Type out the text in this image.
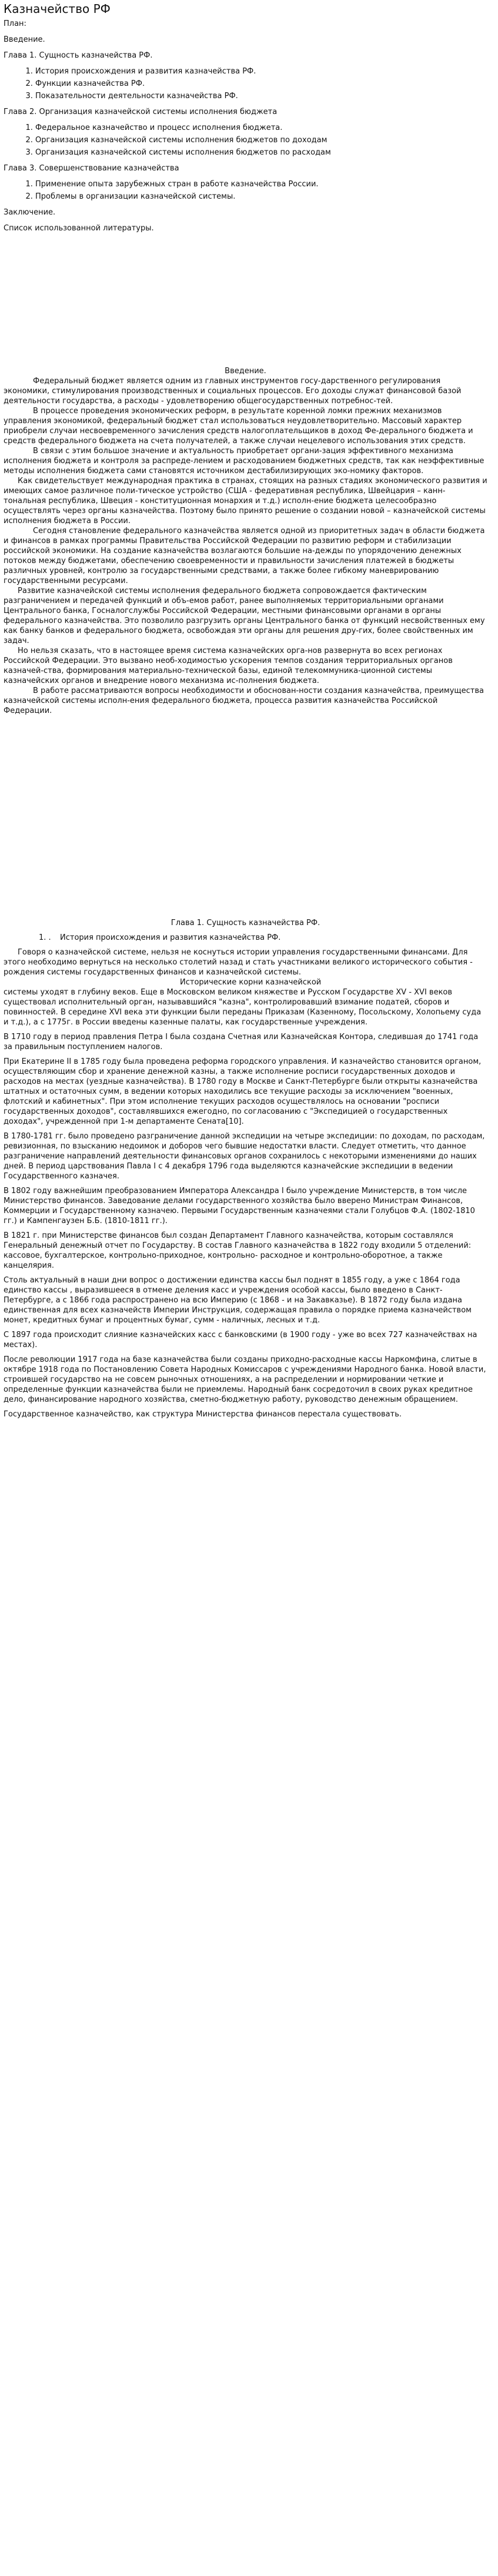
Казначейство РФ

План:

Введение.

Глава 1. Сущность казначейства РФ.

1. История происхождения и развития казначейства РФ.
2. Функции казначейства РФ.
3. Показательности деятельности казначейства РФ.

Глава 2. Организация казначейской системы исполнения бюджета

1. Федеральное казначейство и процесс исполнения бюджета.
2. Организация казначейской системы исполнения бюджетов по доходам
3. Организация казначейской системы исполнения бюджетов по расходам

Глава 3. Совершенствование казначейства

1. Применение опыта зарубежных стран в работе казначейства России.
2. Проблемы в организации казначейской системы.

Заключение.

Список использованной литературы.

Введение.

Федеральный бюджет является одним из главных инструментов госу-дарственного регулирования экономики, стимулирования производственных и социальных процессов. Его доходы служат финансовой базой деятельности государства, а расходы - удовлетворению общегосударственных потребнос-тей.

В процессе проведения экономических реформ, в результате коренной ломки прежних механизмов управления экономикой, федеральный бюджет стал использоваться неудовлетворительно. Массовый характер приобрели случаи несвоевременного зачисления средств налогоплательщиков в доход Фе-дерального бюджета и средств федерального бюджета на счета получателей, а также случаи нецелевого использования этих средств.

В связи с этим большое значение и актуальность приобретает органи-зация эффективного механизма исполнения бюджета и контроля за распреде-лением и расходованием бюджетных средств, так как неэффективные методы исполнения бюджета сами становятся источником дестабилизирующих эко-номику факторов.

Как свидетельствует международная практика в странах, стоящих на разных стадиях экономического развития и имеющих самое различное поли-тическое устройство (США - федеративная республика, Швейцария – канн-тональная республика, Швеция - конституционная монархия и т.д.) исполн-ение бюджета целесообразно осуществлять через органы казначейства. Поэтому было принято решение о создании новой – казначейской системы исполнения бюджета в России.

Сегодня становление федерального казначейства является одной из приоритетных задач в области бюджета и финансов в рамках программы Правительства Российской Федерации по развитию реформ и стабилизации российской экономики. На создание казначейства возлагаются большие на-дежды по упорядочению денежных потоков между бюджетами, обеспечению своевременности и правильности зачисления платежей в бюджеты различных уровней, контролю за государственными средствами, а также более гибкому маневрированию государственными ресурсами.

Развитие казначейской системы исполнения федерального бюджета сопровождается фактическим разграничением и передачей функций и объ-емов работ, ранее выполняемых территориальными органами Центрального банка, Госналогслужбы Российской Федерации, местными финансовыми органами в органы федерального казначейства. Это позволило разгрузить органы Центрального банка от функций несвойственных ему как банку банков и федерального бюджета, освобождая эти органы для решения дру-гих, более свойственных им задач.

Но нельзя сказать, что в настоящее время система казначейских орга-нов развернута во всех регионах Российской Федерации. Это вызвано необ-ходимостью ускорения темпов создания территориальных органов казначей-ства, формирования материально-технической базы, единой телекоммуника-ционной системы казначейских органов и внедрение нового механизма ис-полнения бюджета.

В работе рассматриваются вопросы необходимости и обоснован-ности создания казначейства, преимущества казначейской системы исполн-ения федерального бюджета, процесса развития казначейства Российской Федерации.

Глава 1. Сущность казначейства РФ.

1. . История происхождения и развития казначейства РФ.

Говоря о казначейской системе, нельзя не коснуться истории управления государственными финансами. Для этого необходимо вернуться на несколько столетий назад и стать участниками великого исторического события - рождения системы государственных финансов и казначейской системы.

Исторические корни казначейской

системы уходят в глубину веков. Еще в Московском великом княжестве и Русском Государстве XV - XVI веков существовал исполнительный орган, называвшийся "казна", контролировавший взимание податей, сборов и повинностей. В середине XVI века эти функции были переданы Приказам (Казенному, Посольскому, Холопьему суда и т.д.), а с 1775г. в России введены казенные палаты, как государственные учреждения.

В 1710 году в период правления Петра I была создана Счетная или Казначейская Контора, следившая до 1741 года за правильным поступлением налогов.

При Екатерине II в 1785 году была проведена реформа городского управления. И казначейство становится органом, осуществляющим сбор и хранение денежной казны, а также исполнение росписи государственных доходов и расходов на местах (уездные казначейства). В 1780 году в Москве и Санкт-Петербурге были открыты казначейства штатных и остаточных сумм, в ведении которых находились все текущие расходы за исключением "военных, флотский и кабинетных". При этом исполнение текущих расходов осуществлялось на основании "росписи государственных доходов", составлявшихся ежегодно, по согласованию с "Экспедицией о государственных доходах", учрежденной при 1-м департаменте Сената[10].

В 1780-1781 гг. было проведено разграничение данной экспедиции на четыре экспедиции: по доходам, по расходам, ревизионная, по взысканию недоимок и доборов чего бывшие недостатки власти. Следует отметить, что данное разграничение направлений деятельности финансовых органов сохранилось с некоторыми изменениями до наших дней. В период царствования Павла I с 4 декабря 1796 года выделяются казначейские экспедиции в ведении Государственного казначея.

В 1802 году важнейшим преобразованием Императора Александра I было учреждение Министерств, в том числе Министерство финансов. Заведование делами государственного хозяйства было вверено Министрам Финансов, Коммерции и Государственному казначею. Первыми Государственным казначеями стали Голубцов Ф.А. (1802-1810 гг.) и Кампенгаузен Б.Б. (1810-1811 гг.).

В 1821 г. при Министерстве финансов был создан Департамент Главного казначейства, которым составлялся Генеральный денежный отчет по Государству. В состав Главного казначейства в 1822 году входили 5 отделений: кассовое, бухгалтерское, контрольно-приходное, контрольно- расходное и контрольно-оборотное, а также канцелярия.

Столь актуальный в наши дни вопрос о достижении единства кассы был поднят в 1855 году, а уже с 1864 года единство кассы , выразившееся в отмене деления касс и учреждения особой кассы, было введено в Санкт-Петербурге, а с 1866 года распространено на всю Империю (с 1868 - и на Закавказье). В 1872 году была издана единственная для всех казначейств Империи Инструкция, содержащая правила о порядке приема казначейством монет, кредитных бумаг и процентных бумаг, сумм - наличных, лесных и т.д.

С 1897 года происходит слияние казначейских касс с банковскими (в 1900 году - уже во всех 727 казначействах на местах).

После революции 1917 года на базе казначейства были созданы приходно-расходные кассы Наркомфина, слитые в октябре 1918 года по Постановлению Совета Народных Комиссаров с учреждениями Народного банка. Новой власти, строившей государство на не совсем рыночных отношениях, а на распределении и нормировании четкие и определенные функции казначейства были не приемлемы. Народный банк сосредоточил в своих руках кредитное дело, финансирование народного хозяйства, сметно-бюджетную работу, руководство денежным обращением.

Государственное казначейство, как структура Министерства финансов перестала существовать.
